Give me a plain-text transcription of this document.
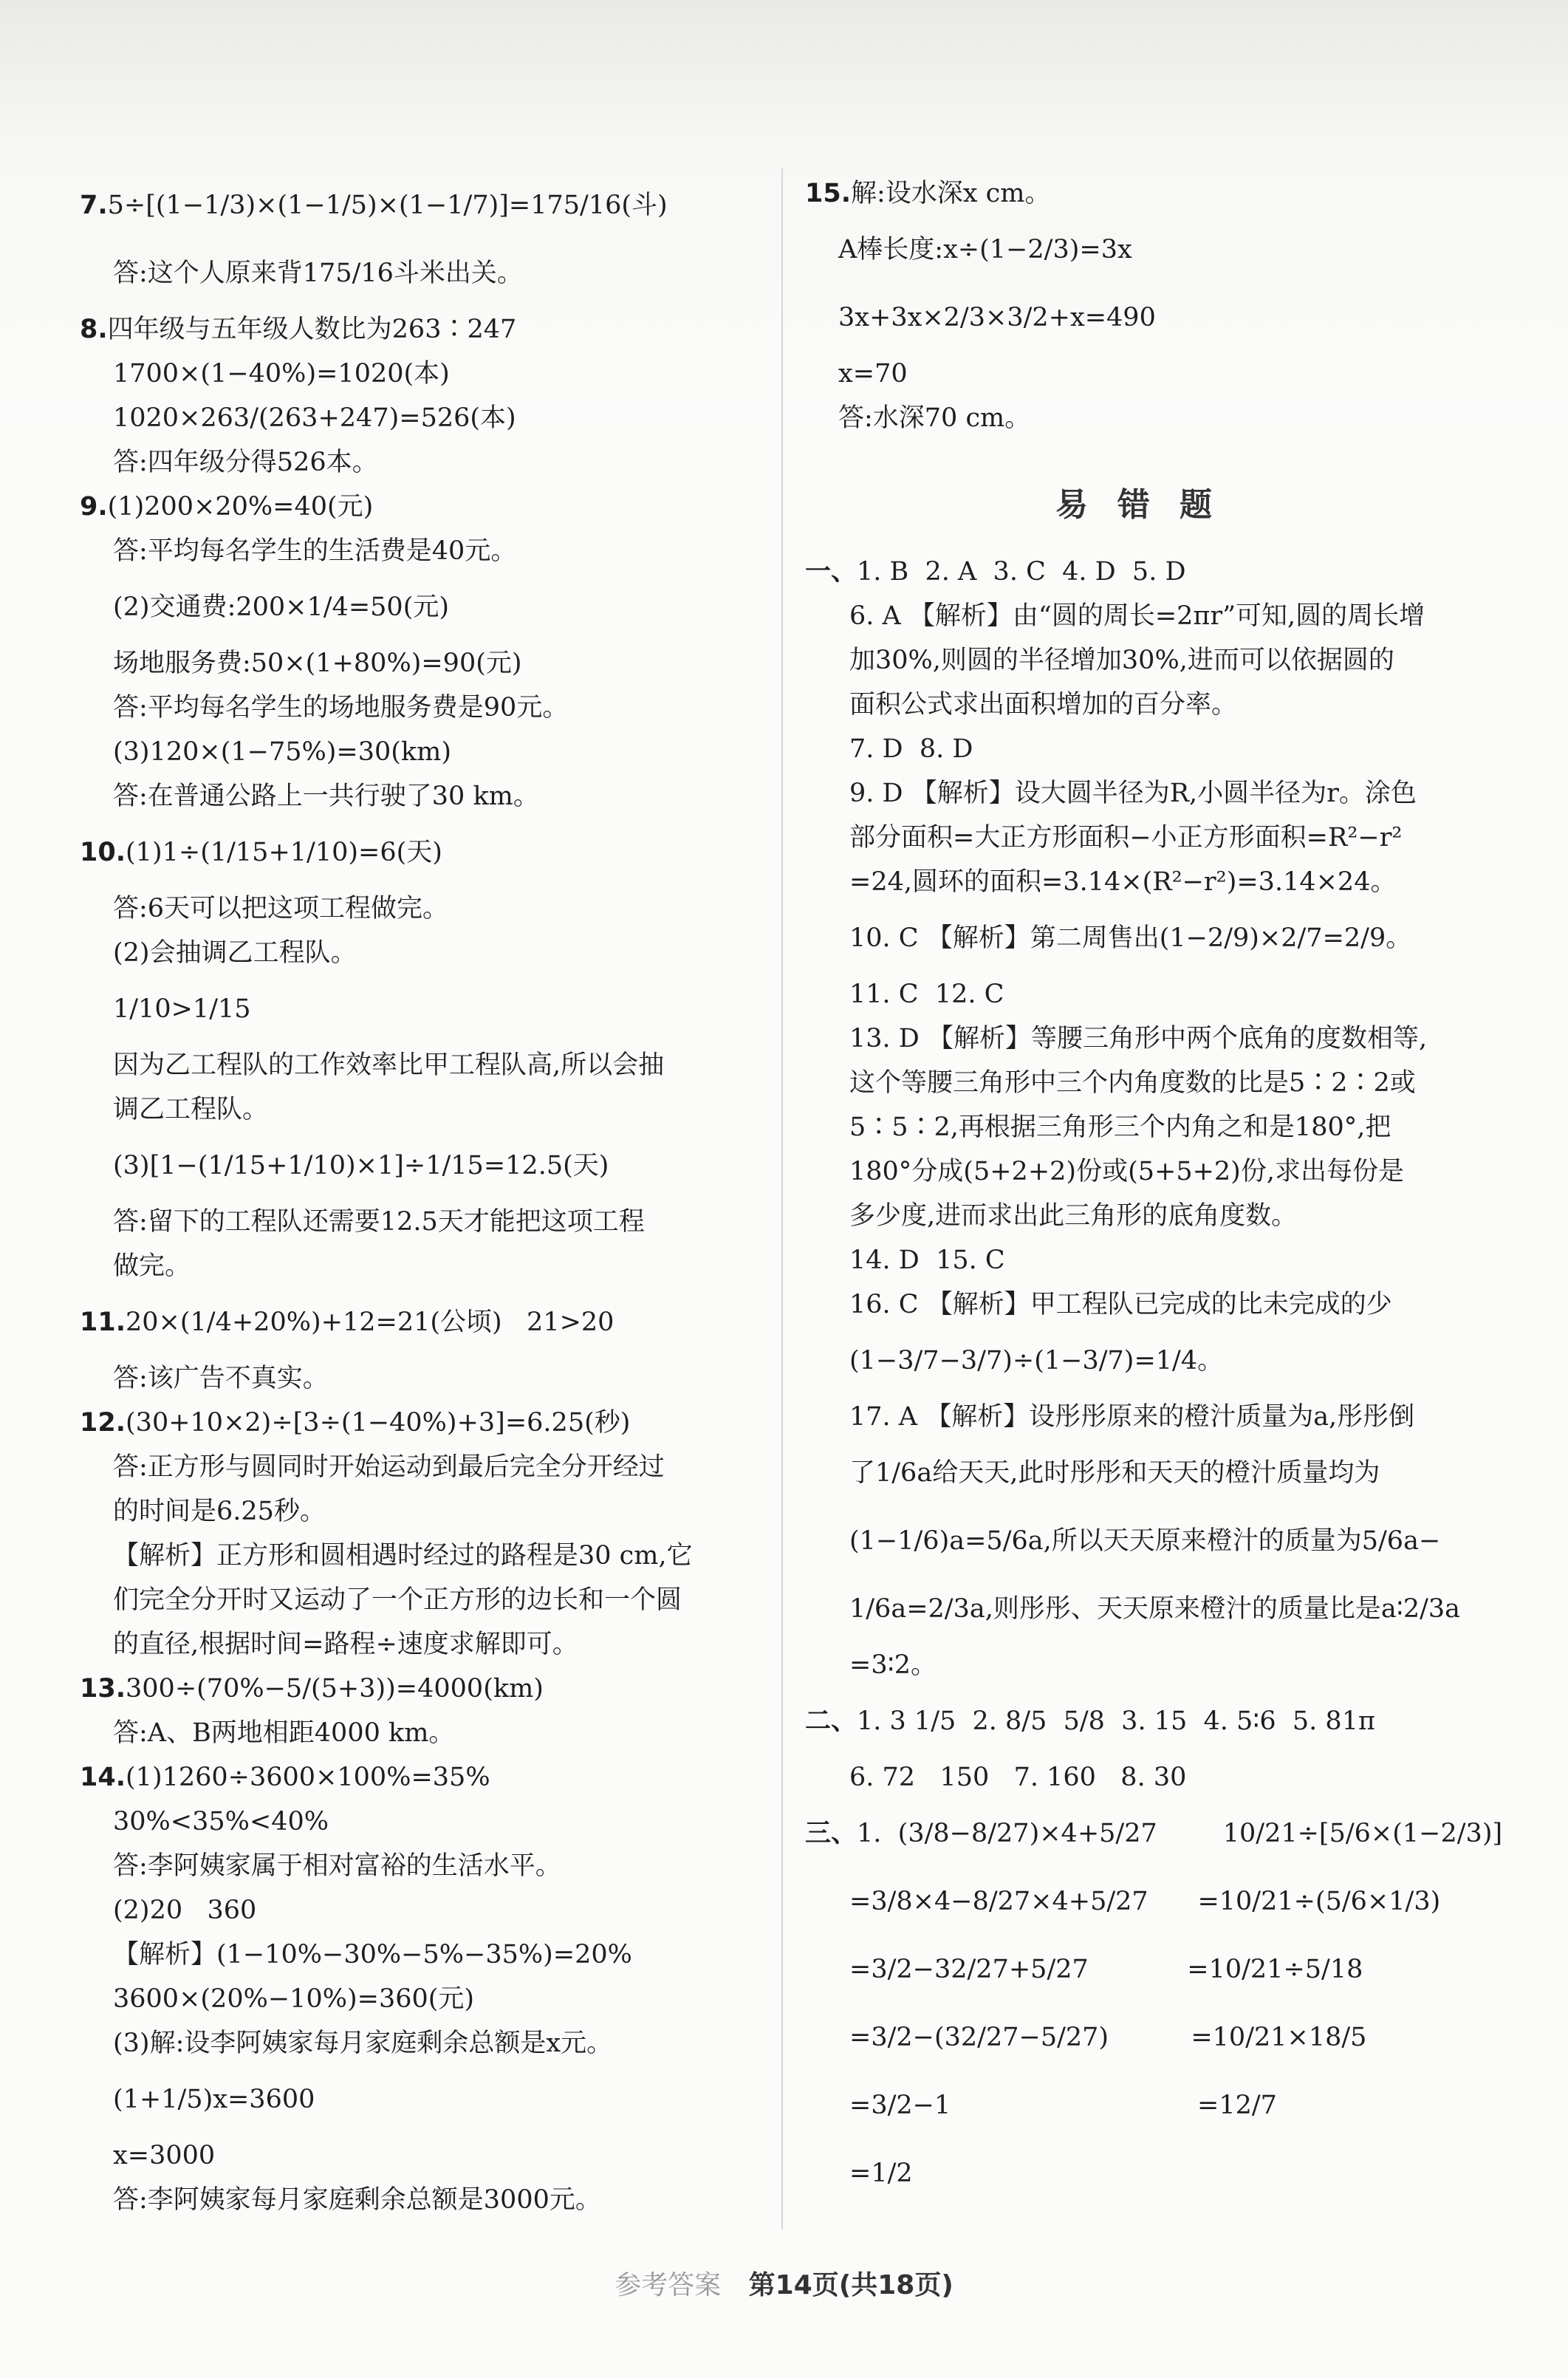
7.5÷[(1−1/3)×(1−1/5)×(1−1/7)]=175/16(斗)
答:这个人原来背175/16斗米出关。
8.四年级与五年级人数比为263∶247
1700×(1−40%)=1020(本)
1020×263/(263+247)=526(本)
答:四年级分得526本。
9.(1)200×20%=40(元)
答:平均每名学生的生活费是40元。
(2)交通费:200×1/4=50(元)
场地服务费:50×(1+80%)=90(元)
答:平均每名学生的场地服务费是90元。
(3)120×(1−75%)=30(km)
答:在普通公路上一共行驶了30 km。
10.(1)1÷(1/15+1/10)=6(天)
答:6天可以把这项工程做完。
(2)会抽调乙工程队。
1/10>1/15
因为乙工程队的工作效率比甲工程队高,所以会抽
调乙工程队。
(3)[1−(1/15+1/10)×1]÷1/15=12.5(天)
答:留下的工程队还需要12.5天才能把这项工程
做完。
11.20×(1/4+20%)+12=21(公顷)   21>20
答:该广告不真实。
12.(30+10×2)÷[3÷(1−40%)+3]=6.25(秒)
答:正方形与圆同时开始运动到最后完全分开经过
的时间是6.25秒。
【解析】正方形和圆相遇时经过的路程是30 cm,它
们完全分开时又运动了一个正方形的边长和一个圆
的直径,根据时间=路程÷速度求解即可。
13.300÷(70%−5/(5+3))=4000(km)
答:A、B两地相距4000 km。
14.(1)1260÷3600×100%=35%
30%<35%<40%
答:李阿姨家属于相对富裕的生活水平。
(2)20   360
【解析】(1−10%−30%−5%−35%)=20%
3600×(20%−10%)=360(元)
(3)解:设李阿姨家每月家庭剩余总额是x元。
(1+1/5)x=3600
x=3000
答:李阿姨家每月家庭剩余总额是3000元。
15.解:设水深x cm。
A棒长度:x÷(1−2/3)=3x
3x+3x×2/3×3/2+x=490
x=70
答:水深70 cm。
易错题
一、1. B  2. A  3. C  4. D  5. D
6. A 【解析】由“圆的周长=2πr”可知,圆的周长增
加30%,则圆的半径增加30%,进而可以依据圆的
面积公式求出面积增加的百分率。
7. D  8. D
9. D 【解析】设大圆半径为R,小圆半径为r。涂色
部分面积=大正方形面积−小正方形面积=R²−r²
=24,圆环的面积=3.14×(R²−r²)=3.14×24。
10. C 【解析】第二周售出(1−2/9)×2/7=2/9。
11. C  12. C
13. D 【解析】等腰三角形中两个底角的度数相等,
这个等腰三角形中三个内角度数的比是5∶2∶2或
5∶5∶2,再根据三角形三个内角之和是180°,把
180°分成(5+2+2)份或(5+5+2)份,求出每份是
多少度,进而求出此三角形的底角度数。
14. D  15. C
16. C 【解析】甲工程队已完成的比未完成的少
(1−3/7−3/7)÷(1−3/7)=1/4。
17. A 【解析】设彤彤原来的橙汁质量为a,彤彤倒
了1/6a给天天,此时彤彤和天天的橙汁质量均为
(1−1/6)a=5/6a,所以天天原来橙汁的质量为5/6a−
1/6a=2/3a,则彤彤、天天原来橙汁的质量比是a∶2/3a
=3∶2。
二、1. 3 1/5  2. 8/5  5/8  3. 15  4. 5∶6  5. 81π
6. 72   150   7. 160   8. 30
三、1.  (3/8−8/27)×4+5/27        10/21÷[5/6×(1−2/3)]
=3/8×4−8/27×4+5/27      =10/21÷(5/6×1/3)
=3/2−32/27+5/27            =10/21÷5/18
=3/2−(32/27−5/27)          =10/21×18/5
=3/2−1                              =12/7
=1/2
参考答案 第14页(共18页)
